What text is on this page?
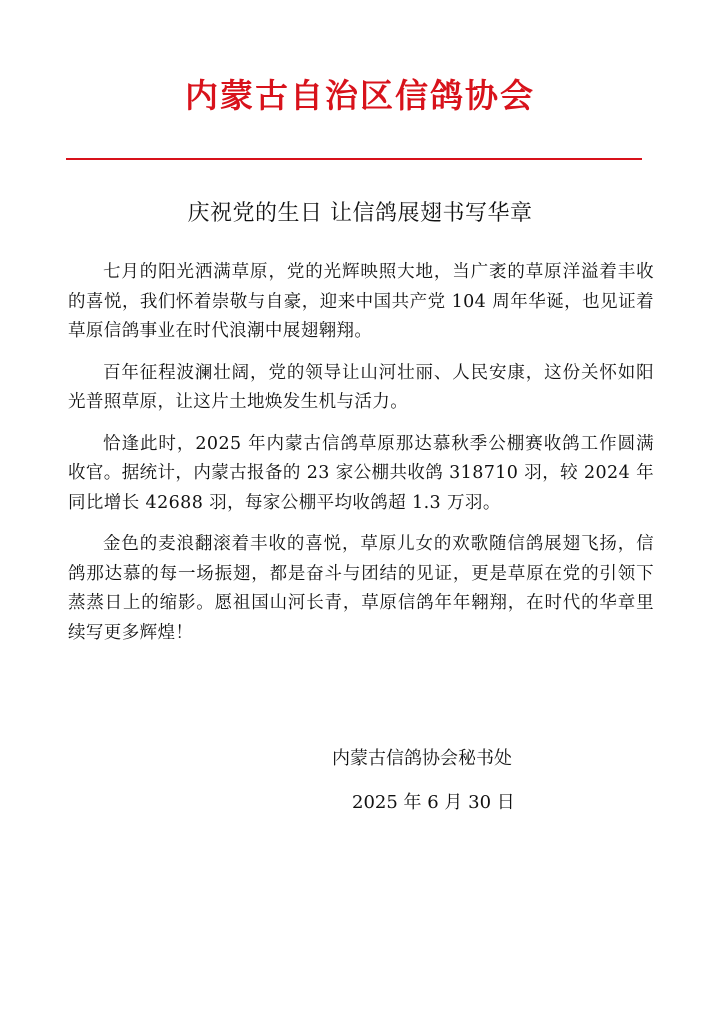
内蒙古自治区信鸽协会
庆祝党的生日 让信鸽展翅书写华章

七月的阳光洒满草原，党的光辉映照大地，当广袤的草原洋溢着丰收的喜悦，我们怀着崇敬与自豪，迎来中国共产党 104 周年华诞，也见证着草原信鸽事业在时代浪潮中展翅翱翔。

百年征程波澜壮阔，党的领导让山河壮丽、人民安康，这份关怀如阳光普照草原，让这片土地焕发生机与活力。

恰逢此时，2025 年内蒙古信鸽草原那达慕秋季公棚赛收鸽工作圆满收官。据统计，内蒙古报备的 23 家公棚共收鸽 318710 羽，较 2024 年同比增长 42688 羽，每家公棚平均收鸽超 1.3 万羽。

金色的麦浪翻滚着丰收的喜悦，草原儿女的欢歌随信鸽展翅飞扬，信鸽那达慕的每一场振翅，都是奋斗与团结的见证，更是草原在党的引领下蒸蒸日上的缩影。愿祖国山河长青，草原信鸽年年翱翔，在时代的华章里续写更多辉煌！

内蒙古信鸽协会秘书处
2025 年 6 月 30 日
